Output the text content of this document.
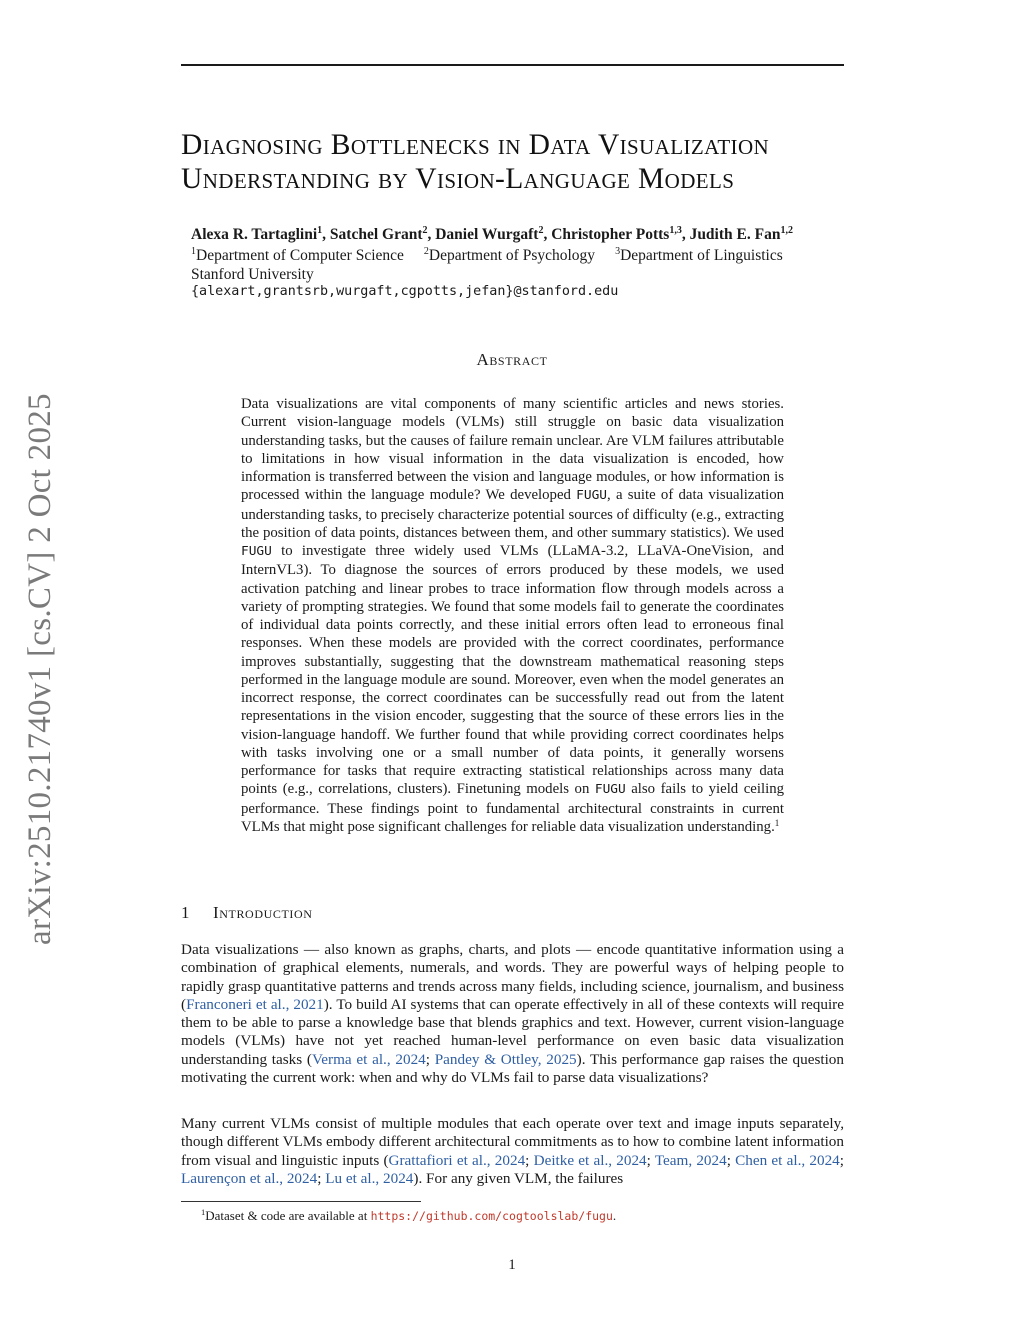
arXiv:2510.21740v1 [cs.CV] 2 Oct 2025
Diagnosing Bottlenecks in Data Visualization
Understanding by Vision-Language Models
Alexa R. Tartaglini$^1$, Satchel Grant$^2$, Daniel Wurgaft$^2$, Christopher Potts$^{1,3}$, Judith E. Fan$^{1,2}$
$^1$Department of Computer Science $^2$Department of Psychology $^3$Department of Linguistics
Stanford University
{alexart,grantsrb,wurgaft,cgpotts,jefan}@stanford.edu
Abstract
Data visualizations are vital components of many scientific articles and news stories. Current vision-language models (VLMs) still struggle on basic data visualization understanding tasks, but the causes of failure remain unclear. Are VLM failures attributable to limitations in how visual information in the data visualization is encoded, how information is transferred between the vision and language modules, or how information is processed within the language module? We developed FUGU, a suite of data visualization understanding tasks, to precisely characterize potential sources of difficulty (e.g., extracting the position of data points, distances between them, and other summary statistics). We used FUGU to investigate three widely used VLMs (LLaMA-3.2, LLaVA-OneVision, and InternVL3). To diagnose the sources of errors produced by these models, we used activation patching and linear probes to trace information flow through models across a variety of prompting strategies. We found that some models fail to generate the coordinates of individual data points correctly, and these initial errors often lead to erroneous final responses. When these models are provided with the correct coordinates, performance improves substantially, suggesting that the downstream mathematical reasoning steps performed in the language module are sound. Moreover, even when the model generates an incorrect response, the correct coordinates can be successfully read out from the latent representations in the vision encoder, suggesting that the source of these errors lies in the vision-language handoff. We further found that while providing correct coordinates helps with tasks involving one or a small number of data points, it generally worsens performance for tasks that require extracting statistical relationships across many data points (e.g., correlations, clusters). Finetuning models on FUGU also fails to yield ceiling performance. These findings point to fundamental architectural constraints in current VLMs that might pose significant challenges for reliable data visualization understanding.$^1$
1 Introduction
Data visualizations — also known as graphs, charts, and plots — encode quantitative information using a combination of graphical elements, numerals, and words. They are powerful ways of helping people to rapidly grasp quantitative patterns and trends across many fields, including science, journalism, and business (Franconeri et al., 2021). To build AI systems that can operate effectively in all of these contexts will require them to be able to parse a knowledge base that blends graphics and text. However, current vision-language models (VLMs) have not yet reached human-level performance on even basic data visualization understanding tasks (Verma et al., 2024; Pandey & Ottley, 2025). This performance gap raises the question motivating the current work: when and why do VLMs fail to parse data visualizations?
Many current VLMs consist of multiple modules that each operate over text and image inputs separately, though different VLMs embody different architectural commitments as to how to combine latent information from visual and linguistic inputs (Grattafiori et al., 2024; Deitke et al., 2024; Team, 2024; Chen et al., 2024; Laurençon et al., 2024; Lu et al., 2024). For any given VLM, the failures
$^1$Dataset & code are available at https://github.com/cogtoolslab/fugu.
1
